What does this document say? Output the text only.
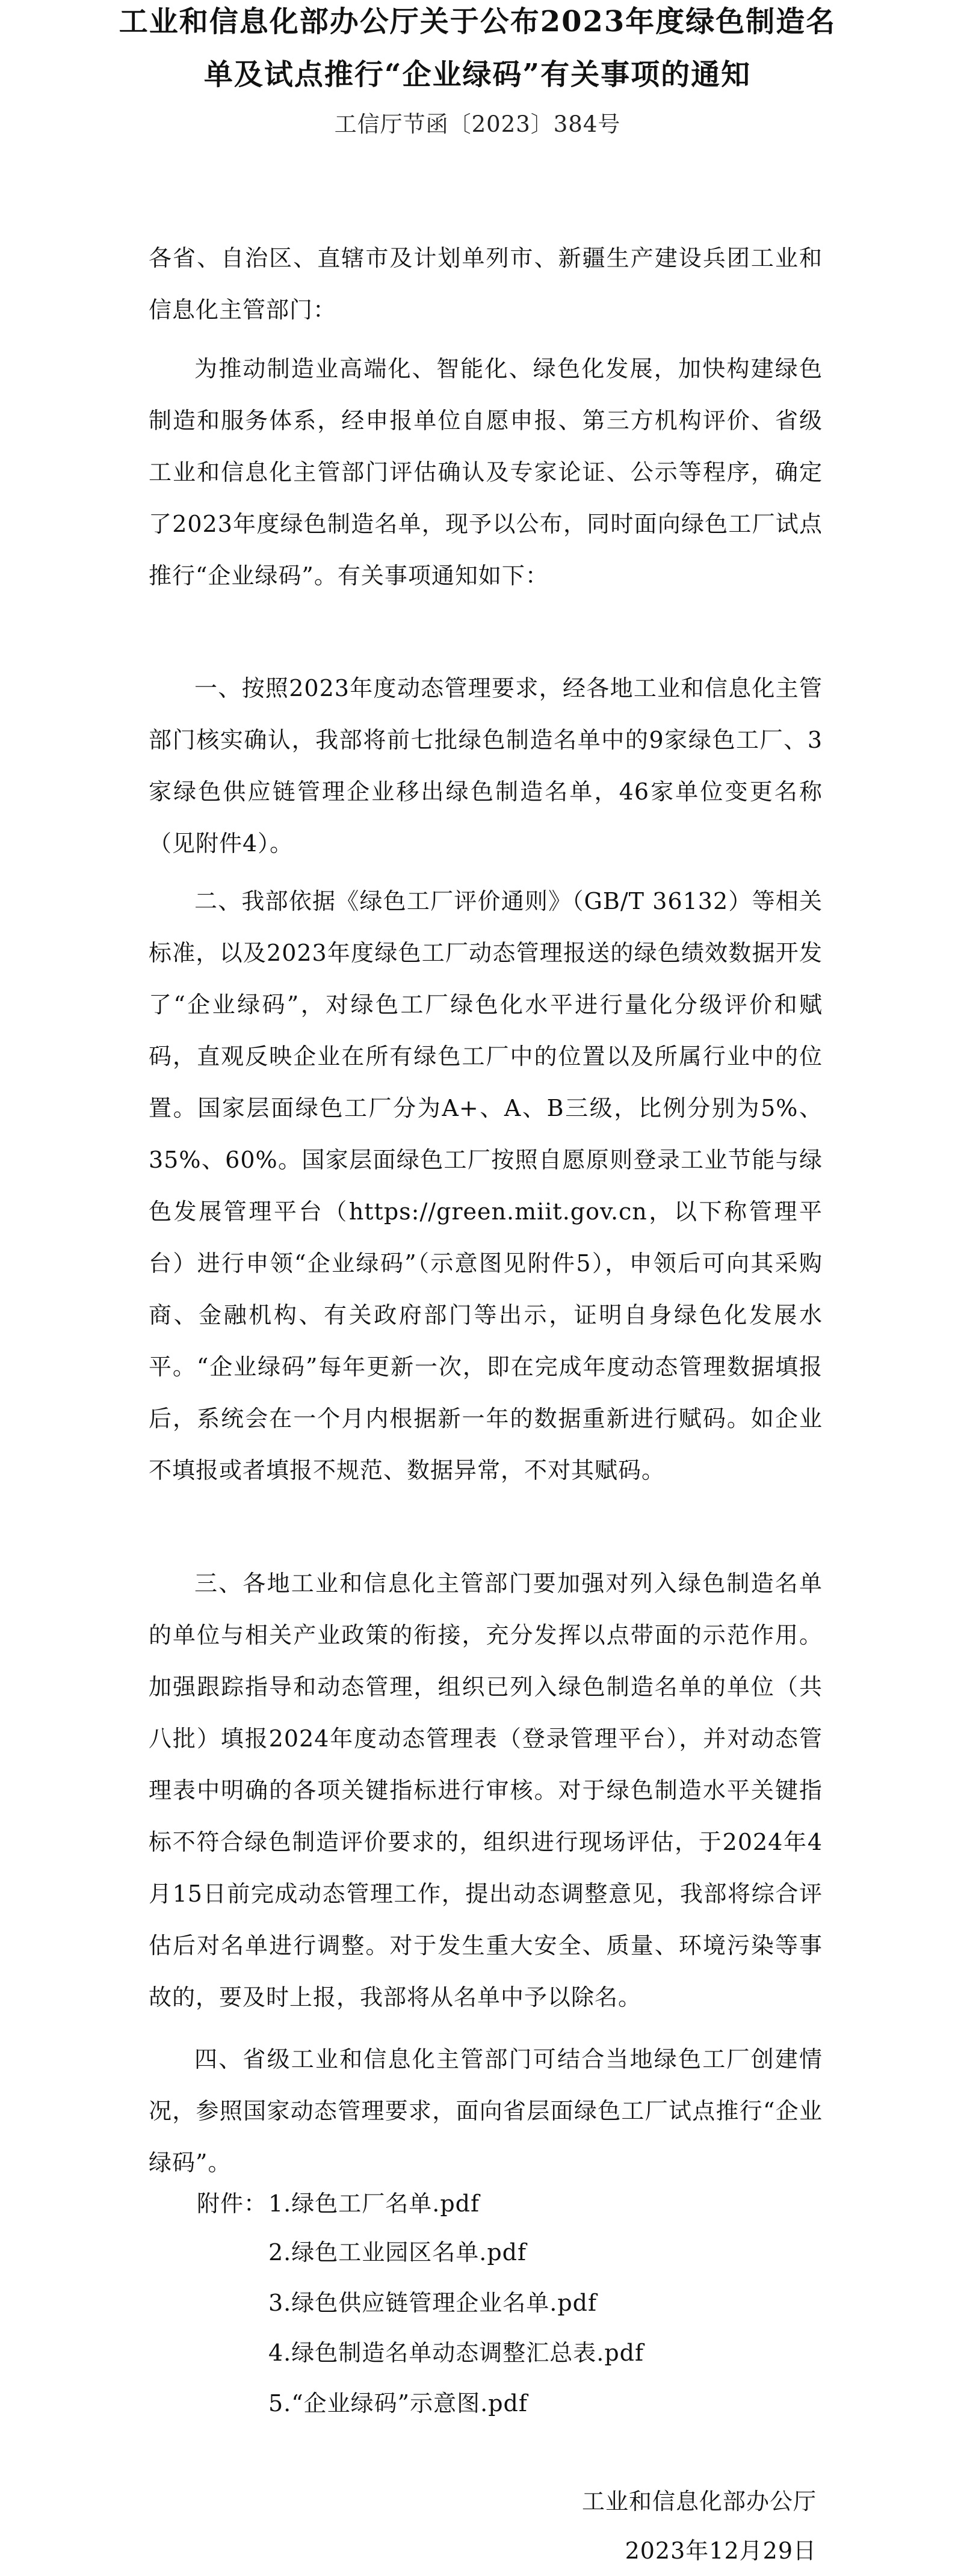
工业和信息化部办公厅关于公布2023年度绿色制造名
单及试点推行“企业绿码”有关事项的通知
工信厅节函〔2023〕384号

各省、自治区、直辖市及计划单列市、新疆生产建设兵团工业和信息化主管部门：

为推动制造业高端化、智能化、绿色化发展，加快构建绿色制造和服务体系，经申报单位自愿申报、第三方机构评价、省级工业和信息化主管部门评估确认及专家论证、公示等程序，确定了2023年度绿色制造名单，现予以公布，同时面向绿色工厂试点推行“企业绿码”。有关事项通知如下：

一、按照2023年度动态管理要求，经各地工业和信息化主管部门核实确认，我部将前七批绿色制造名单中的9家绿色工厂、3家绿色供应链管理企业移出绿色制造名单，46家单位变更名称（见附件4）。

二、我部依据《绿色工厂评价通则》（GB/T 36132）等相关标准，以及2023年度绿色工厂动态管理报送的绿色绩效数据开发了“企业绿码”，对绿色工厂绿色化水平进行量化分级评价和赋码，直观反映企业在所有绿色工厂中的位置以及所属行业中的位置。国家层面绿色工厂分为A+、A、B三级，比例分别为5%、35%、60%。国家层面绿色工厂按照自愿原则登录工业节能与绿色发展管理平台（https://green.miit.gov.cn，以下称管理平台）进行申领“企业绿码”（示意图见附件5），申领后可向其采购商、金融机构、有关政府部门等出示，证明自身绿色化发展水平。“企业绿码”每年更新一次，即在完成年度动态管理数据填报后，系统会在一个月内根据新一年的数据重新进行赋码。如企业不填报或者填报不规范、数据异常，不对其赋码。

三、各地工业和信息化主管部门要加强对列入绿色制造名单的单位与相关产业政策的衔接，充分发挥以点带面的示范作用。加强跟踪指导和动态管理，组织已列入绿色制造名单的单位（共八批）填报2024年度动态管理表（登录管理平台），并对动态管理表中明确的各项关键指标进行审核。对于绿色制造水平关键指标不符合绿色制造评价要求的，组织进行现场评估，于2024年4月15日前完成动态管理工作，提出动态调整意见，我部将综合评估后对名单进行调整。对于发生重大安全、质量、环境污染等事故的，要及时上报，我部将从名单中予以除名。

四、省级工业和信息化主管部门可结合当地绿色工厂创建情况，参照国家动态管理要求，面向省层面绿色工厂试点推行“企业绿码”。

附件： 1.绿色工厂名单.pdf
2.绿色工业园区名单.pdf
3.绿色供应链管理企业名单.pdf
4.绿色制造名单动态调整汇总表.pdf
5.“企业绿码”示意图.pdf
工业和信息化部办公厅
2023年12月29日
